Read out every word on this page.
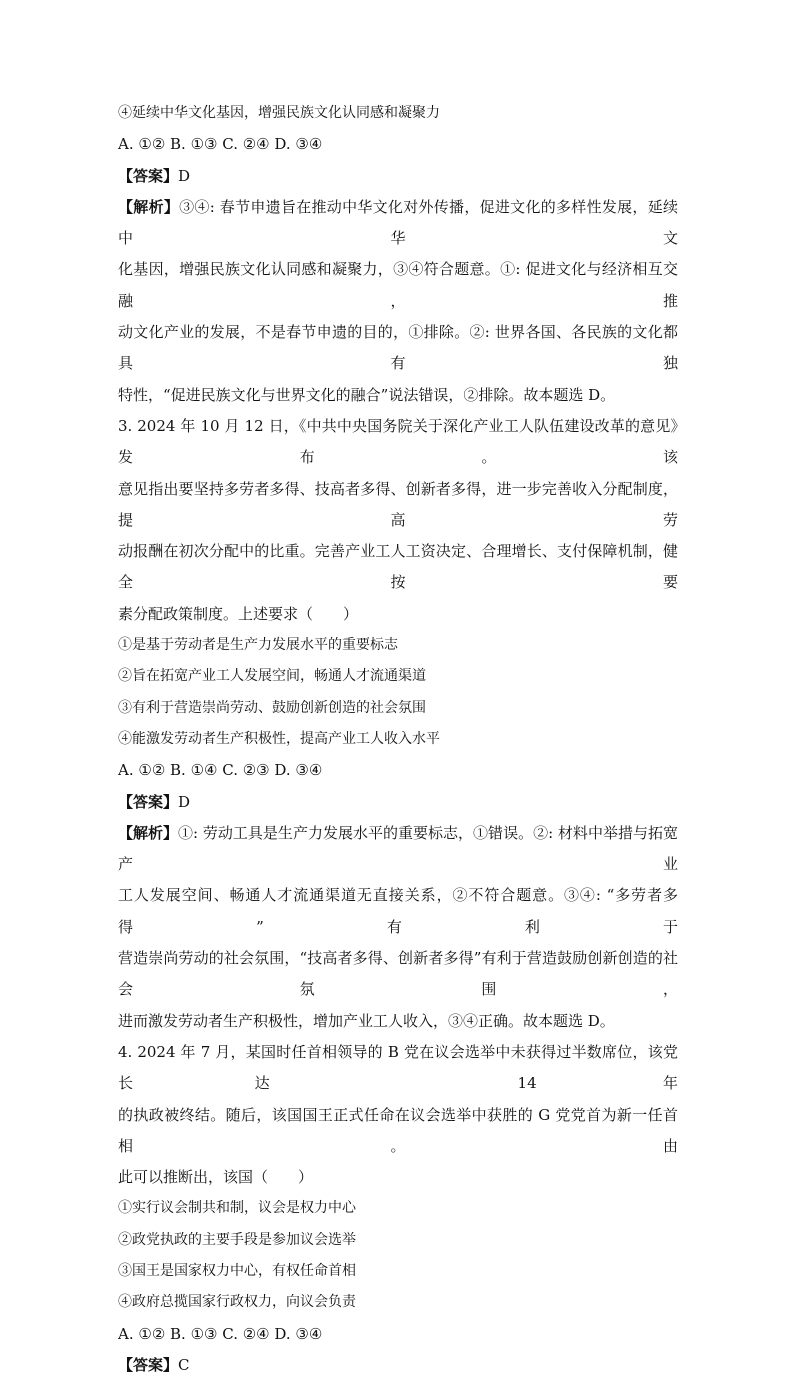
④延续中华文化基因，增强民族文化认同感和凝聚力
A. ①② B. ①③ C. ②④ D. ③④
【答案】D
【解析】③④: 春节申遗旨在推动中华文化对外传播，促进文化的多样性发展，延续中华文
化基因，增强民族文化认同感和凝聚力，③④符合题意。①: 促进文化与经济相互交融，推
动文化产业的发展，不是春节申遗的目的，①排除。②: 世界各国、各民族的文化都具有独
特性，“促进民族文化与世界文化的融合”说法错误，②排除。故本题选 D。
3. 2024 年 10 月 12 日，《中共中央国务院关于深化产业工人队伍建设改革的意见》发布。该
意见指出要坚持多劳者多得、技高者多得、创新者多得，进一步完善收入分配制度，提高劳
动报酬在初次分配中的比重。完善产业工人工资决定、合理增长、支付保障机制，健全按要
素分配政策制度。上述要求（　　）
①是基于劳动者是生产力发展水平的重要标志
②旨在拓宽产业工人发展空间，畅通人才流通渠道
③有利于营造崇尚劳动、鼓励创新创造的社会氛围
④能激发劳动者生产积极性，提高产业工人收入水平
A. ①② B. ①④ C. ②③ D. ③④
【答案】D
【解析】①: 劳动工具是生产力发展水平的重要标志，①错误。②: 材料中举措与拓宽产业
工人发展空间、畅通人才流通渠道无直接关系，②不符合题意。③④: “多劳者多得”有利于
营造崇尚劳动的社会氛围，“技高者多得、创新者多得”有利于营造鼓励创新创造的社会氛围，
进而激发劳动者生产积极性，增加产业工人收入，③④正确。故本题选 D。
4. 2024 年 7 月，某国时任首相领导的 B 党在议会选举中未获得过半数席位，该党长达 14 年
的执政被终结。随后，该国国王正式任命在议会选举中获胜的 G 党党首为新一任首相。由
此可以推断出，该国（　　）
①实行议会制共和制，议会是权力中心
②政党执政的主要手段是参加议会选举
③国王是国家权力中心，有权任命首相
④政府总揽国家行政权力，向议会负责
A. ①② B. ①③ C. ②④ D. ③④
【答案】C
